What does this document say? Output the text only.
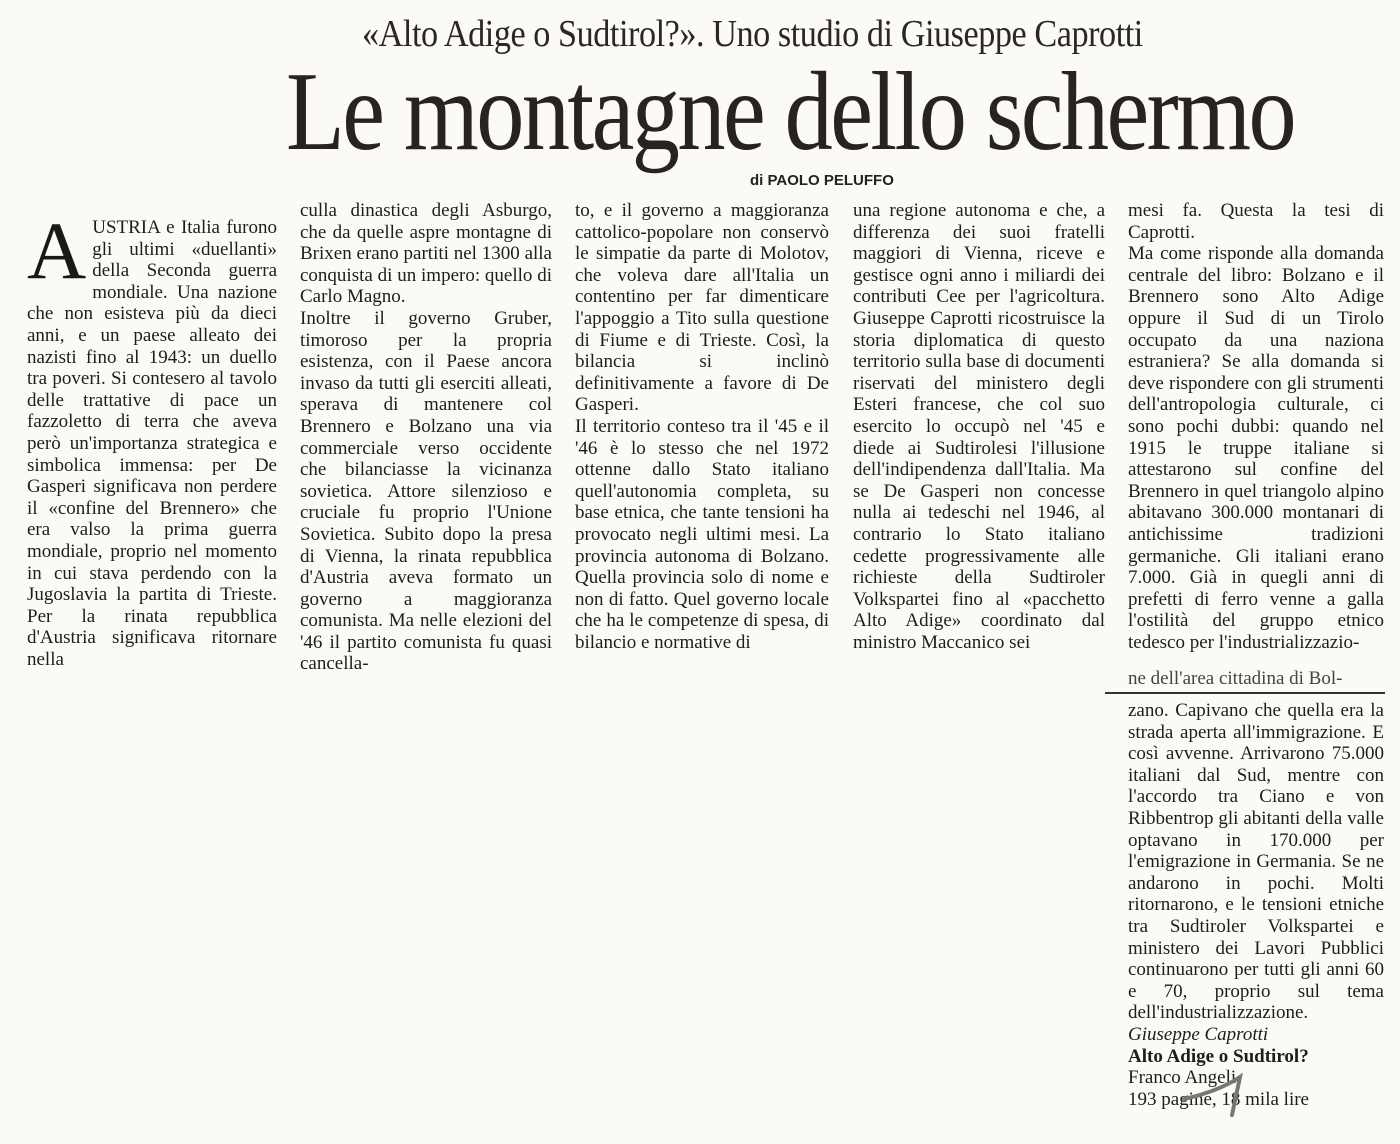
«Alto Adige o Sudtirol?». Uno studio di Giuseppe Caprotti
Le montagne dello schermo
di PAOLO PELUFFO
A USTRIA e Italia furono gli ultimi «duellanti» della Seconda guerra mondiale. Una nazione che non esisteva più da dieci anni, e un paese alleato dei nazisti fino al 1943: un duello tra poveri. Si contesero al tavolo delle trattative di pace un fazzoletto di terra che aveva però un'importanza strategica e simbolica immensa: per De Gasperi significava non perdere il «confine del Brennero» che era valso la prima guerra mondiale, proprio nel momento in cui stava perdendo con la Jugoslavia la partita di Trieste. Per la rinata repubblica d'Austria significava ritornare nella

culla dinastica degli Asburgo, che da quelle aspre montagne di Brixen erano partiti nel 1300 alla conquista di un impero: quello di Carlo Magno.

Inoltre il governo Gruber, timoroso per la propria esistenza, con il Paese ancora invaso da tutti gli eserciti alleati, sperava di mantenere col Brennero e Bolzano una via commerciale verso occidente che bilanciasse la vicinanza sovietica. Attore silenzioso e cruciale fu proprio l'Unione Sovietica. Subito dopo la presa di Vienna, la rinata repubblica d'Austria aveva formato un governo a maggioranza comunista. Ma nelle elezioni del '46 il partito comunista fu quasi cancella-

to, e il governo a maggioranza cattolico-popolare non conservò le simpatie da parte di Molotov, che voleva dare all'Italia un contentino per far dimenticare l'appoggio a Tito sulla questione di Fiume e di Trieste. Così, la bilancia si inclinò definitivamente a favore di De Gasperi.

Il territorio conteso tra il '45 e il '46 è lo stesso che nel 1972 ottenne dallo Stato italiano quell'autonomia completa, su base etnica, che tante tensioni ha provocato negli ultimi mesi. La provincia autonoma di Bolzano. Quella provincia solo di nome e non di fatto. Quel governo locale che ha le competenze di spesa, di bilancio e normative di

una regione autonoma e che, a differenza dei suoi fratelli maggiori di Vienna, riceve e gestisce ogni anno i miliardi dei contributi Cee per l'agricoltura. Giuseppe Caprotti ricostruisce la storia diplomatica di questo territorio sulla base di documenti riservati del ministero degli Esteri francese, che col suo esercito lo occupò nel '45 e diede ai Sudtirolesi l'illusione dell'indipendenza dall'Italia. Ma se De Gasperi non concesse nulla ai tedeschi nel 1946, al contrario lo Stato italiano cedette progressivamente alle richieste della Sudtiroler Volkspartei fino al «pacchetto Alto Adige» coordinato dal ministro Maccanico sei

mesi fa. Questa la tesi di Caprotti.

Ma come risponde alla domanda centrale del libro: Bolzano e il Brennero sono Alto Adige oppure il Sud di un Tirolo occupato da una naziona estraniera? Se alla domanda si deve rispondere con gli strumenti dell'antropologia culturale, ci sono pochi dubbi: quando nel 1915 le truppe italiane si attestarono sul confine del Brennero in quel triangolo alpino abitavano 300.000 montanari di antichissime tradizioni germaniche. Gli italiani erano 7.000. Già in quegli anni di prefetti di ferro venne a galla l'ostilità del gruppo etnico tedesco per l'industrializzazio-

ne dell'area cittadina di Bol-

zano. Capivano che quella era la strada aperta all'immigrazione. E così avvenne. Arrivarono 75.000 italiani dal Sud, mentre con l'accordo tra Ciano e von Ribbentrop gli abitanti della valle optavano in 170.000 per l'emigrazione in Germania. Se ne andarono in pochi. Molti ritornarono, e le tensioni etniche tra Sudtiroler Volkspartei e ministero dei Lavori Pubblici continuarono per tutti gli anni 60 e 70, proprio sul tema dell'industrializzazione.

Giuseppe Caprotti

Alto Adige o Sudtirol?

Franco Angeli

193 pagine, 18 mila lire
